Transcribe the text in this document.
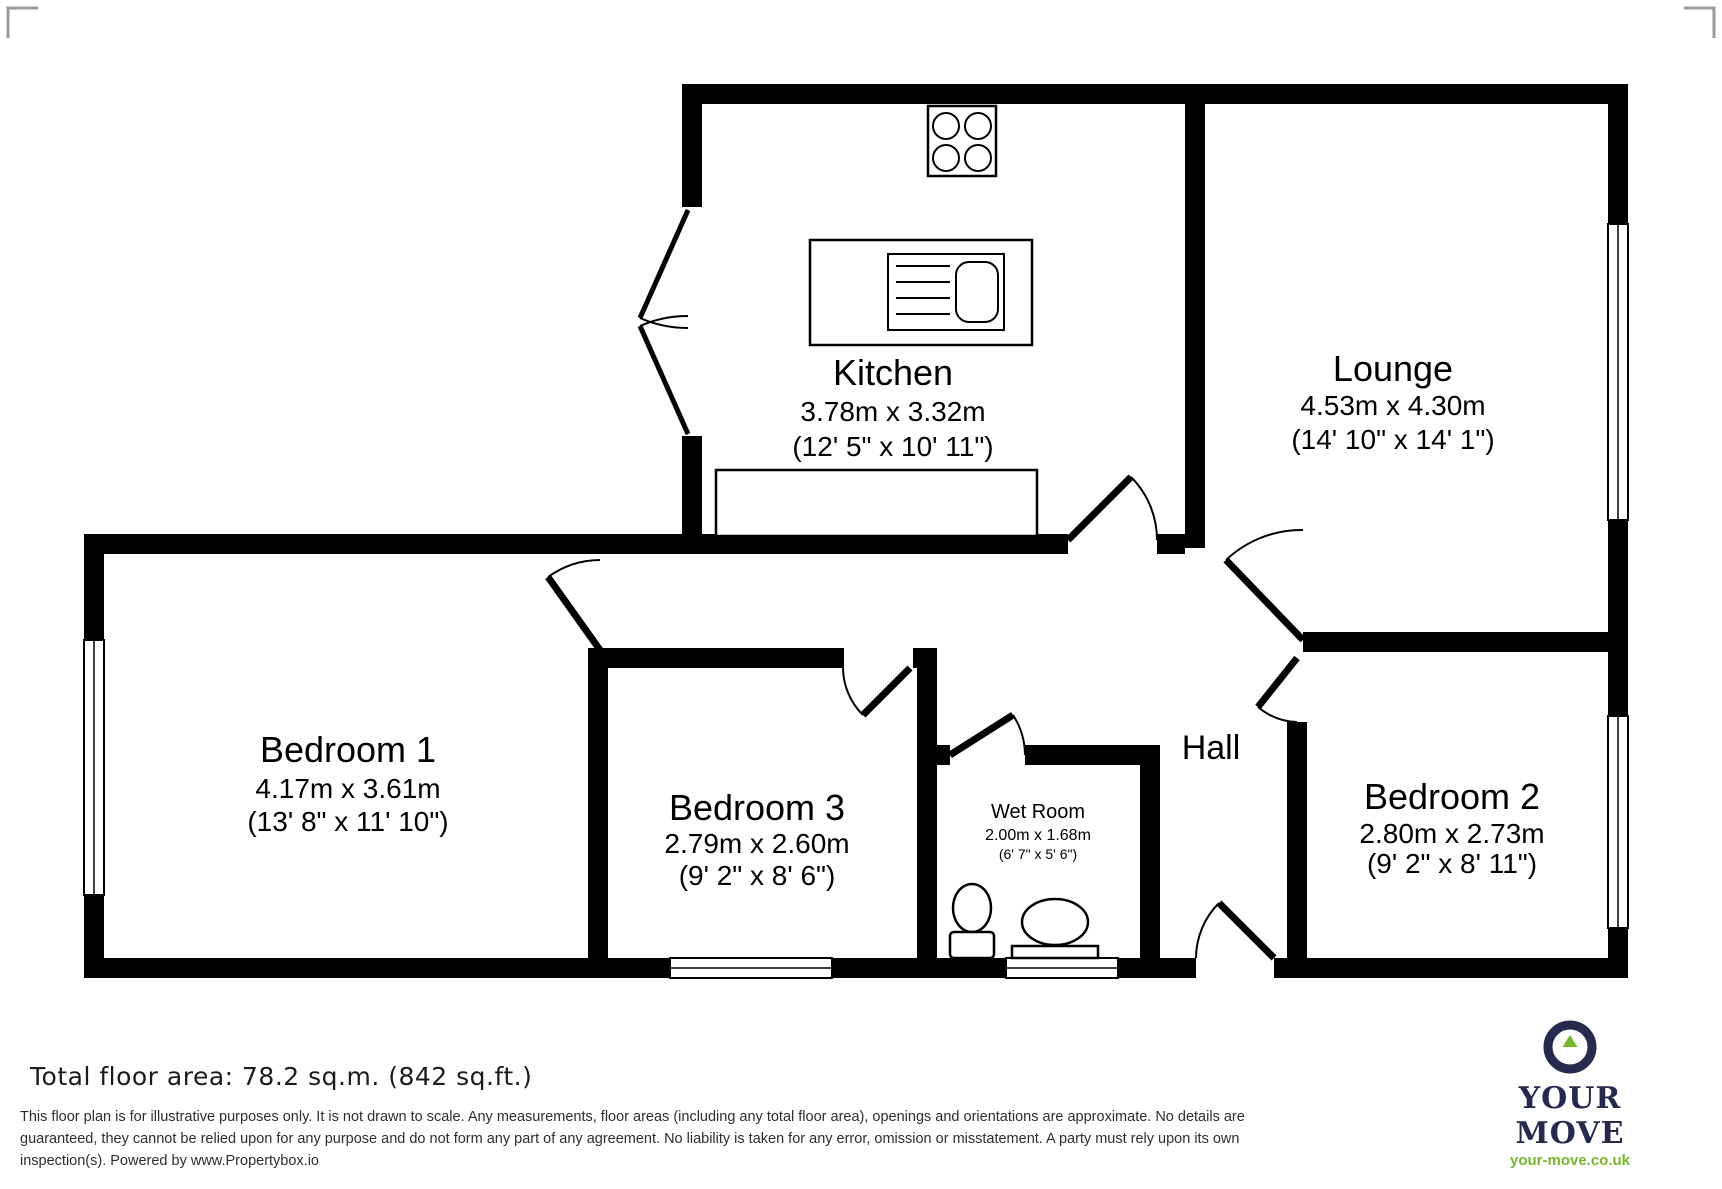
Kitchen
3.78m x 3.32m
(12' 5" x 10' 11")
Lounge
4.53m x 4.30m
(14' 10" x 14' 1")
Bedroom 1
4.17m x 3.61m
(13' 8" x 11' 10")	Bedroom 3
2.79m x 2.60m
(9' 2" x 8' 6")
Bedroom 2
2.80m x 2.73m
(9' 2" x 8' 11")
Wet Room
2.00m x 1.68m
(6' 7" x 5' 6")
Hall
Total floor area: 78.2 sq.m. (842 sq.ft.)
This floor plan is for illustrative purposes only. It is not drawn to scale. Any measurements, floor areas (including any total floor area), openings and orientations are approximate. No details are guaranteed, they cannot be relied upon for any purpose and do not form any part of any agreement. No liability is taken for any error, omission or misstatement. A party must rely upon its own inspection(s). Powered by www.Propertybox.io
YOUR MOVE
your-move.co.uk
